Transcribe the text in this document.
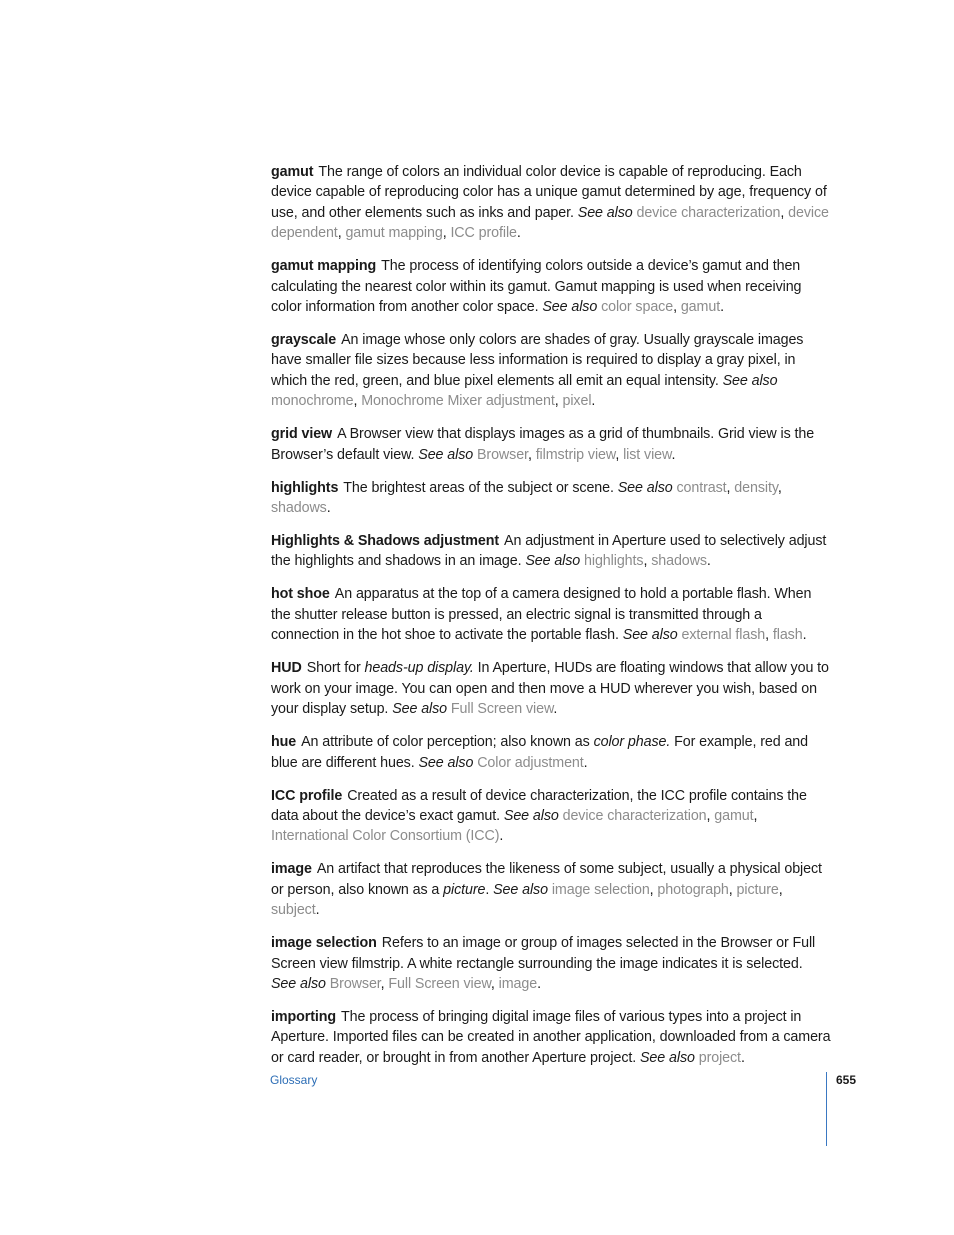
gamut The range of colors an individual color device is capable of reproducing. Each device capable of reproducing color has a unique gamut determined by age, frequency of use, and other elements such as inks and paper. See also device characterization, device dependent, gamut mapping, ICC profile.

gamut mapping The process of identifying colors outside a device’s gamut and then calculating the nearest color within its gamut. Gamut mapping is used when receiving color information from another color space. See also color space, gamut.

grayscale An image whose only colors are shades of gray. Usually grayscale images have smaller file sizes because less information is required to display a gray pixel, in which the red, green, and blue pixel elements all emit an equal intensity. See also monochrome, Monochrome Mixer adjustment, pixel.

grid view A Browser view that displays images as a grid of thumbnails. Grid view is the Browser’s default view. See also Browser, filmstrip view, list view.

highlights The brightest areas of the subject or scene. See also contrast, density, shadows.

Highlights & Shadows adjustment An adjustment in Aperture used to selectively adjust the highlights and shadows in an image. See also highlights, shadows.

hot shoe An apparatus at the top of a camera designed to hold a portable flash. When the shutter release button is pressed, an electric signal is transmitted through a connection in the hot shoe to activate the portable flash. See also external flash, flash.

HUD Short for heads-up display. In Aperture, HUDs are floating windows that allow you to work on your image. You can open and then move a HUD wherever you wish, based on your display setup. See also Full Screen view.

hue An attribute of color perception; also known as color phase. For example, red and blue are different hues. See also Color adjustment.

ICC profile Created as a result of device characterization, the ICC profile contains the data about the device’s exact gamut. See also device characterization, gamut, International Color Consortium (ICC).

image An artifact that reproduces the likeness of some subject, usually a physical object or person, also known as a picture. See also image selection, photograph, picture, subject.

image selection Refers to an image or group of images selected in the Browser or Full Screen view filmstrip. A white rectangle surrounding the image indicates it is selected. See also Browser, Full Screen view, image.

importing The process of bringing digital image files of various types into a project in Aperture. Imported files can be created in another application, downloaded from a camera or card reader, or brought in from another Aperture project. See also project.

Glossary	655
